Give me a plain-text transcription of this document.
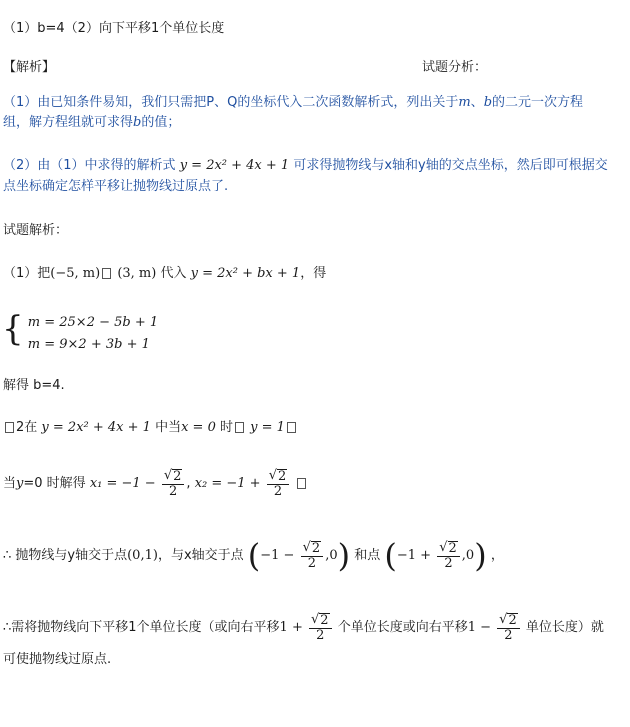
（1）b=4（2）向下平移1个单位长度
【解析】	试题分析：
（1）由已知条件易知，我们只需把P、Q的坐标代入二次函数解析式，列出关于m、b的二元一次方程
组，解方程组就可求得b的值；
（2）由（1）中求得的解析式 y = 2x² + 4x + 1 可求得抛物线与x轴和y轴的交点坐标，然后即可根据交
点坐标确定怎样平移让抛物线过原点了.
试题解析：
（1）把(−5, m) (3, m) 代入 y = 2x² + bx + 1，得
{ m = 25×2 − 5b + 1
m = 9×2 + 3b + 1
解得 b=4.
2在 y = 2x² + 4x + 1 中当x = 0 时 y = 1
当y=0 时解得 $x_1 = -1 - \frac{√ 2}{2}$ , $x_2 = -1 + \frac{√ 2}{2}$

∴ 抛物线与y轴交于点(0,1)，与x轴交于点 $(-1 - \frac{√ 2}{2} ,0)$ 和点 $(-1 + \frac{√ 2}{2} ,0)$ ，
∴需将抛物线向下平移1个单位长度（或向右平移$1 + \frac{√ 2}{2}$ 个单位长度或向右平移$1 - \frac{√ 2}{2}$ 单位长度）就
可使抛物线过原点.
